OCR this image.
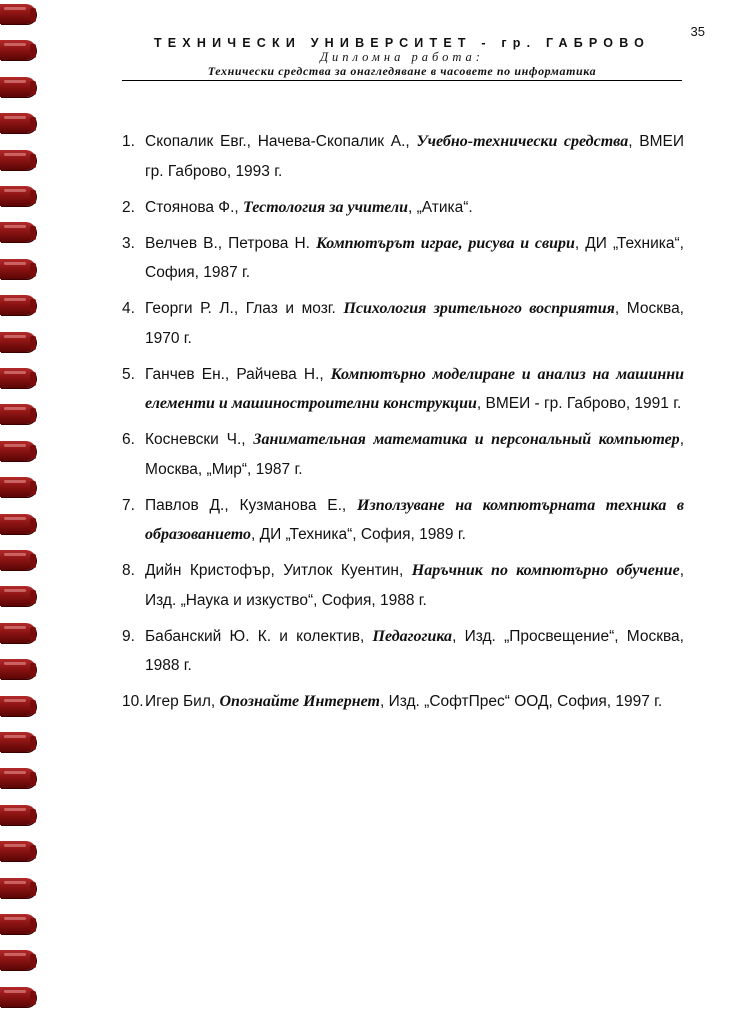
35
ТЕХНИЧЕСКИ УНИВЕРСИТЕТ - гр. ГАБРОВО
Дипломна работа:
Технически средства за онагледяване в часовете по информатика
1. Скопалик Евг., Начева-Скопалик А., Учебно-технически средства, ВМЕИ гр. Габрово, 1993 г.
2. Стоянова Ф., Тестология за учители, „Атика“.
3. Велчев В., Петрова Н. Компютърът играе, рисува и свири, ДИ „Техника“, София, 1987 г.
4. Георги Р. Л., Глаз и мозг. Психология зрительного восприятия, Москва, 1970 г.
5. Ганчев Ен., Райчева Н., Компютърно моделиране и анализ на машинни елементи и машиностроителни конструкции, ВМЕИ - гр. Габрово, 1991 г.
6. Косневски Ч., Занимательная математика и персональный компьютер, Москва, „Мир“, 1987 г.
7. Павлов Д., Кузманова Е., Използуване на компютърната техника в образованието, ДИ „Техника“, София, 1989 г.
8. Дийн Кристофър, Уитлок Куентин, Наръчник по компютърно обучение, Изд. „Наука и изкуство“, София, 1988 г.
9. Бабанский Ю. К. и колектив, Педагогика, Изд. „Просвещение“, Москва, 1988 г.
10. Игер Бил, Опознайте Интернет, Изд. „СофтПрес“ ООД, София, 1997 г.
